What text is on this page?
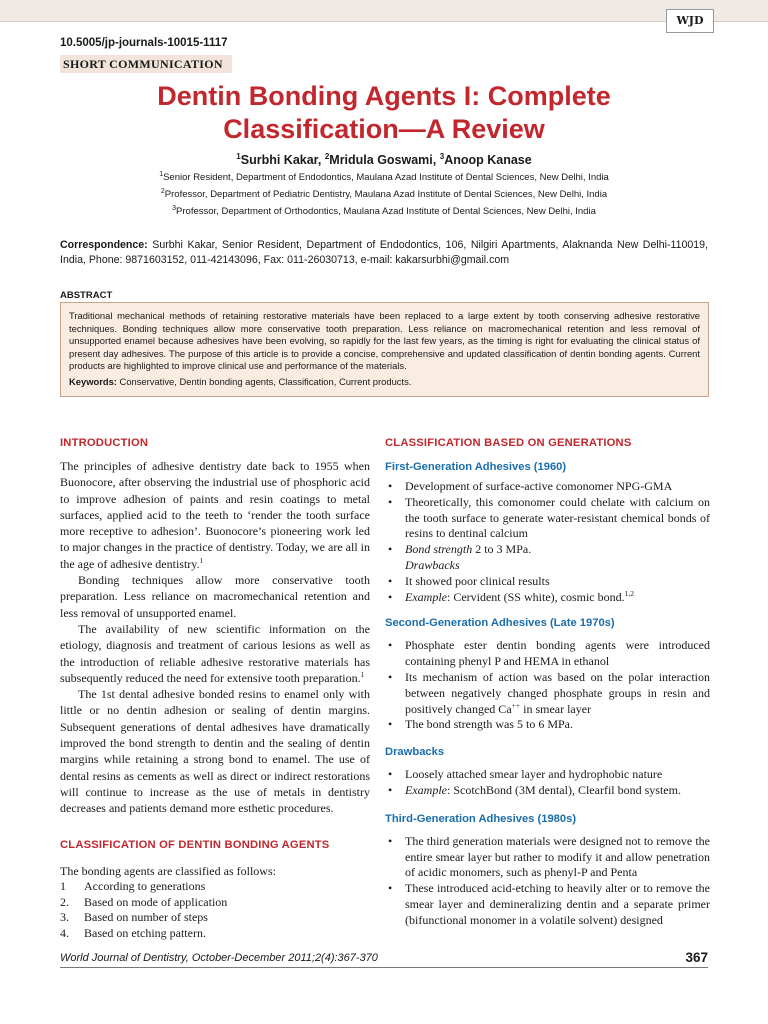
WJD
10.5005/jp-journals-10015-1117
SHORT COMMUNICATION
Dentin Bonding Agents I: Complete
Classification—A Review
$^1$Surbhi Kakar, $^2$Mridula Goswami, $^3$Anoop Kanase
$^1$Senior Resident, Department of Endodontics, Maulana Azad Institute of Dental Sciences, New Delhi, India
$^2$Professor, Department of Pediatric Dentistry, Maulana Azad Institute of Dental Sciences, New Delhi, India
$^3$Professor, Department of Orthodontics, Maulana Azad Institute of Dental Sciences, New Delhi, India
Correspondence: Surbhi Kakar, Senior Resident, Department of Endodontics, 106, Nilgiri Apartments, Alaknanda New Delhi-110019, India, Phone: 9871603152, 011-42143096, Fax: 011-26030713, e-mail: kakarsurbhi@gmail.com
ABSTRACT

Traditional mechanical methods of retaining restorative materials have been replaced to a large extent by tooth conserving adhesive restorative techniques. Bonding techniques allow more conservative tooth preparation. Less reliance on macromechanical retention and less removal of unsupported enamel because adhesives have been evolving, so rapidly for the last few years, as the timing is right for evaluating the clinical status of present day adhesives. The purpose of this article is to provide a concise, comprehensive and updated classification of dentin bonding agents. Current products are highlighted to improve clinical use and performance of the materials.

Keywords: Conservative, Dentin bonding agents, Classification, Current products.

INTRODUCTION

The principles of adhesive dentistry date back to 1955 when Buonocore, after observing the industrial use of phosphoric acid to improve adhesion of paints and resin coatings to metal surfaces, applied acid to the teeth to ‘render the tooth surface more receptive to adhesion’. Buonocore’s pioneering work led to major changes in the practice of dentistry. Today, we are all in the age of adhesive dentistry.$^1$

Bonding techniques allow more conservative tooth preparation. Less reliance on macromechanical retention and less removal of unsupported enamel.

The availability of new scientific information on the etiology, diagnosis and treatment of carious lesions as well as the introduction of reliable adhesive restorative materials has subsequently reduced the need for extensive tooth preparation.$^1$

The 1st dental adhesive bonded resins to enamel only with little or no dentin adhesion or sealing of dentin margins. Subsequent generations of dental adhesives have dramatically improved the bond strength to dentin and the sealing of dentin margins while retaining a strong bond to enamel. The use of dental resins as cements as well as direct or indirect restorations will continue to increase as the use of metals in dentistry decreases and patients demand more esthetic procedures.

CLASSIFICATION OF DENTIN BONDING AGENTS

The bonding agents are classified as follows:

1	According to generations
2.	Based on mode of application
3.	Based on number of steps
4.	Based on etching pattern.
CLASSIFICATION BASED ON GENERATIONS
First-Generation Adhesives (1960)
•	Development of surface-active comonomer NPG-GMA
•	Theoretically, this comonomer could chelate with calcium on the tooth surface to generate water-resistant chemical bonds of resins to dentinal calcium
•	Bond strength 2 to 3 MPa.
Drawbacks
•	It showed poor clinical results
•	Example: Cervident (SS white), cosmic bond.$^{1,2}$
Second-Generation Adhesives (Late 1970s)
•	Phosphate ester dentin bonding agents were introduced containing phenyl P and HEMA in ethanol
•	Its mechanism of action was based on the polar interaction between negatively changed phosphate groups in resin and positively changed Ca++ in smear layer
•	The bond strength was 5 to 6 MPa.
Drawbacks
•	Loosely attached smear layer and hydrophobic nature
•	Example: ScotchBond (3M dental), Clearfil bond system.
Third-Generation Adhesives (1980s)
•	The third generation materials were designed not to remove the entire smear layer but rather to modify it and allow penetration of acidic monomers, such as phenyl-P and Penta
•	These introduced acid-etching to heavily alter or to remove the smear layer and demineralizing dentin and a separate primer (bifunctional monomer in a volatile solvent) designed
World Journal of Dentistry, October-December 2011;2(4):367-370	367
